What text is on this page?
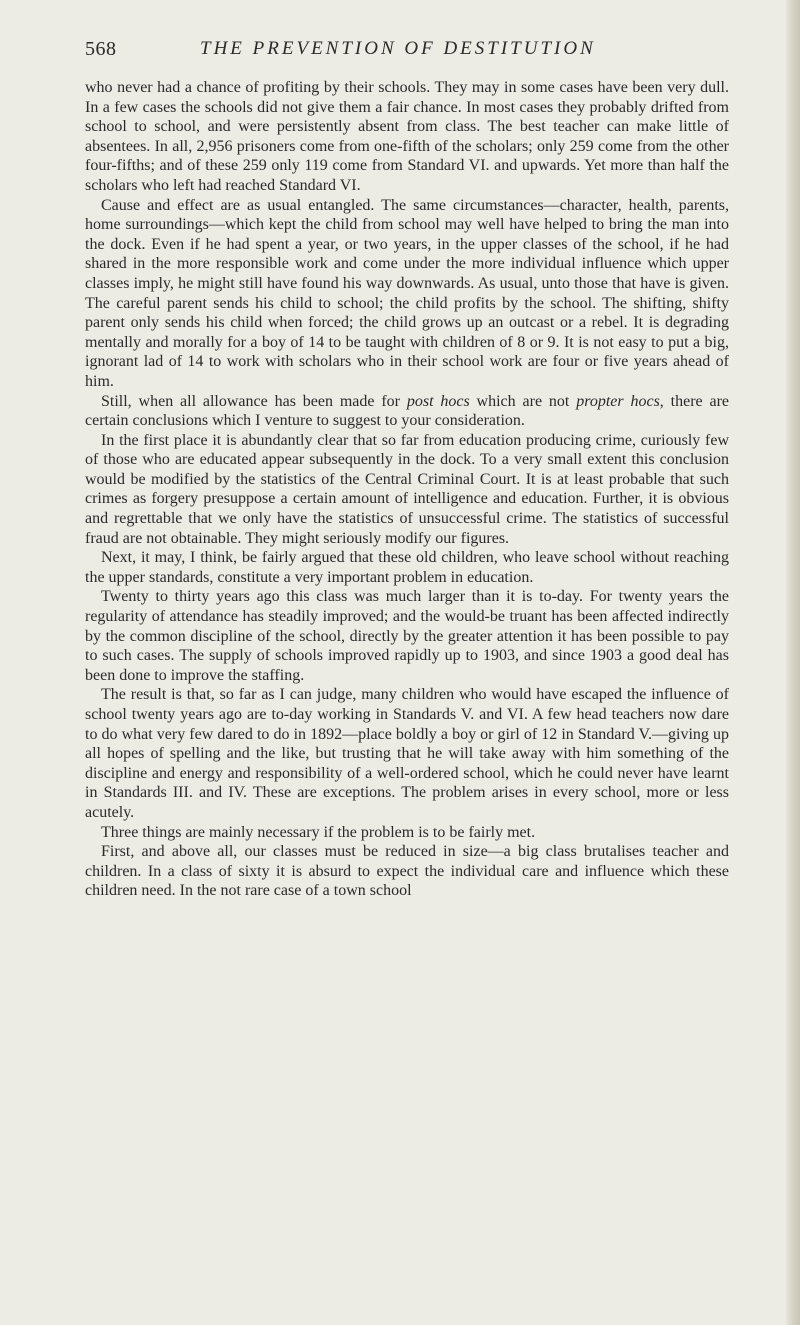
568	THE PREVENTION OF DESTITUTION

who never had a chance of profiting by their schools. They may in some cases have been very dull. In a few cases the schools did not give them a fair chance. In most cases they probably drifted from school to school, and were persistently absent from class. The best teacher can make little of absentees. In all, 2,956 prisoners come from one-fifth of the scholars; only 259 come from the other four-fifths; and of these 259 only 119 come from Standard VI. and upwards. Yet more than half the scholars who left had reached Standard VI.

Cause and effect are as usual entangled. The same circumstances—character, health, parents, home surroundings—which kept the child from school may well have helped to bring the man into the dock. Even if he had spent a year, or two years, in the upper classes of the school, if he had shared in the more responsible work and come under the more individual influence which upper classes imply, he might still have found his way downwards. As usual, unto those that have is given. The careful parent sends his child to school; the child profits by the school. The shifting, shifty parent only sends his child when forced; the child grows up an outcast or a rebel. It is degrading mentally and morally for a boy of 14 to be taught with children of 8 or 9. It is not easy to put a big, ignorant lad of 14 to work with scholars who in their school work are four or five years ahead of him.

Still, when all allowance has been made for post hocs which are not propter hocs, there are certain conclusions which I venture to suggest to your consideration.

In the first place it is abundantly clear that so far from education producing crime, curiously few of those who are educated appear subsequently in the dock. To a very small extent this conclusion would be modified by the statistics of the Central Criminal Court. It is at least probable that such crimes as forgery presuppose a certain amount of intelligence and education. Further, it is obvious and regrettable that we only have the statistics of unsuccessful crime. The statistics of successful fraud are not obtainable. They might seriously modify our figures.

Next, it may, I think, be fairly argued that these old children, who leave school without reaching the upper standards, constitute a very important problem in education.

Twenty to thirty years ago this class was much larger than it is to-day. For twenty years the regularity of attendance has steadily improved; and the would-be truant has been affected indirectly by the common discipline of the school, directly by the greater attention it has been possible to pay to such cases. The supply of schools improved rapidly up to 1903, and since 1903 a good deal has been done to improve the staffing.

The result is that, so far as I can judge, many children who would have escaped the influence of school twenty years ago are to-day working in Standards V. and VI. A few head teachers now dare to do what very few dared to do in 1892—place boldly a boy or girl of 12 in Standard V.—giving up all hopes of spelling and the like, but trusting that he will take away with him something of the discipline and energy and responsibility of a well-ordered school, which he could never have learnt in Standards III. and IV. These are exceptions. The problem arises in every school, more or less acutely.

Three things are mainly necessary if the problem is to be fairly met.

First, and above all, our classes must be reduced in size—a big class brutalises teacher and children. In a class of sixty it is absurd to expect the individual care and influence which these children need. In the not rare case of a town school
